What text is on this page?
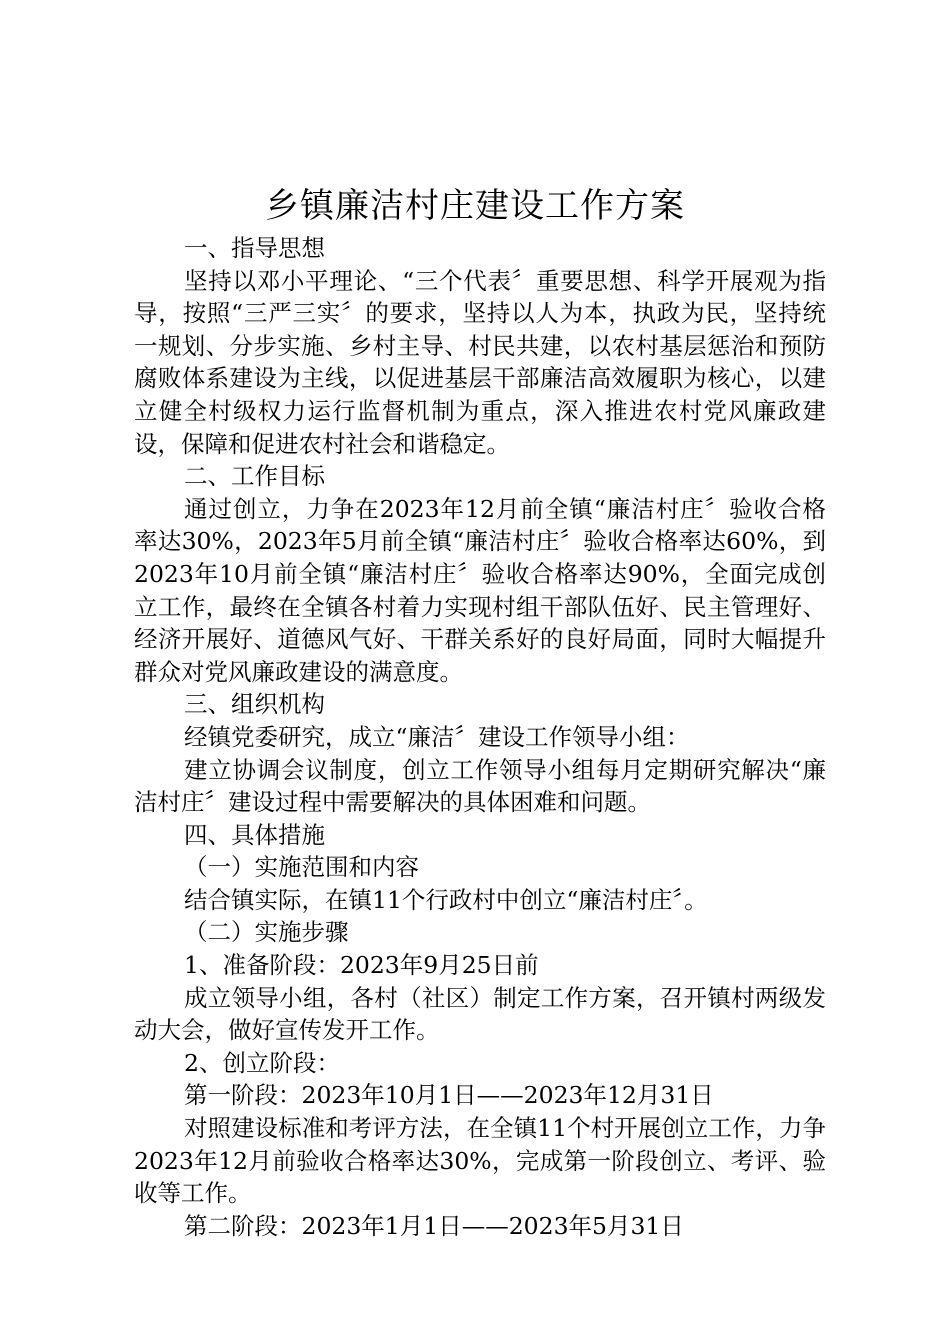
乡镇廉洁村庄建设工作方案

一、指导思想

坚持以邓小平理论、“三个代表〞重要思想、科学开展观为指导，按照“三严三实〞的要求，坚持以人为本，执政为民，坚持统一规划、分步实施、乡村主导、村民共建，以农村基层惩治和预防腐败体系建设为主线，以促进基层干部廉洁高效履职为核心，以建立健全村级权力运行监督机制为重点，深入推进农村党风廉政建设，保障和促进农村社会和谐稳定。

二、工作目标

通过创立，力争在2023年12月前全镇“廉洁村庄〞验收合格率达30%，2023年5月前全镇“廉洁村庄〞验收合格率达60%，到2023年10月前全镇“廉洁村庄〞验收合格率达90%，全面完成创立工作，最终在全镇各村着力实现村组干部队伍好、民主管理好、经济开展好、道德风气好、干群关系好的良好局面，同时大幅提升群众对党风廉政建设的满意度。

三、组织机构

经镇党委研究，成立“廉洁〞建设工作领导小组：

建立协调会议制度，创立工作领导小组每月定期研究解决“廉洁村庄〞建设过程中需要解决的具体困难和问题。

四、具体措施

（一）实施范围和内容

结合镇实际，在镇11个行政村中创立“廉洁村庄〞。

（二）实施步骤

1、准备阶段：2023年9月25日前

成立领导小组，各村（社区）制定工作方案，召开镇村两级发动大会，做好宣传发开工作。

2、创立阶段：

第一阶段：2023年10月1日——2023年12月31日

对照建设标准和考评方法，在全镇11个村开展创立工作，力争2023年12月前验收合格率达30%，完成第一阶段创立、考评、验收等工作。

第二阶段：2023年1月1日——2023年5月31日
